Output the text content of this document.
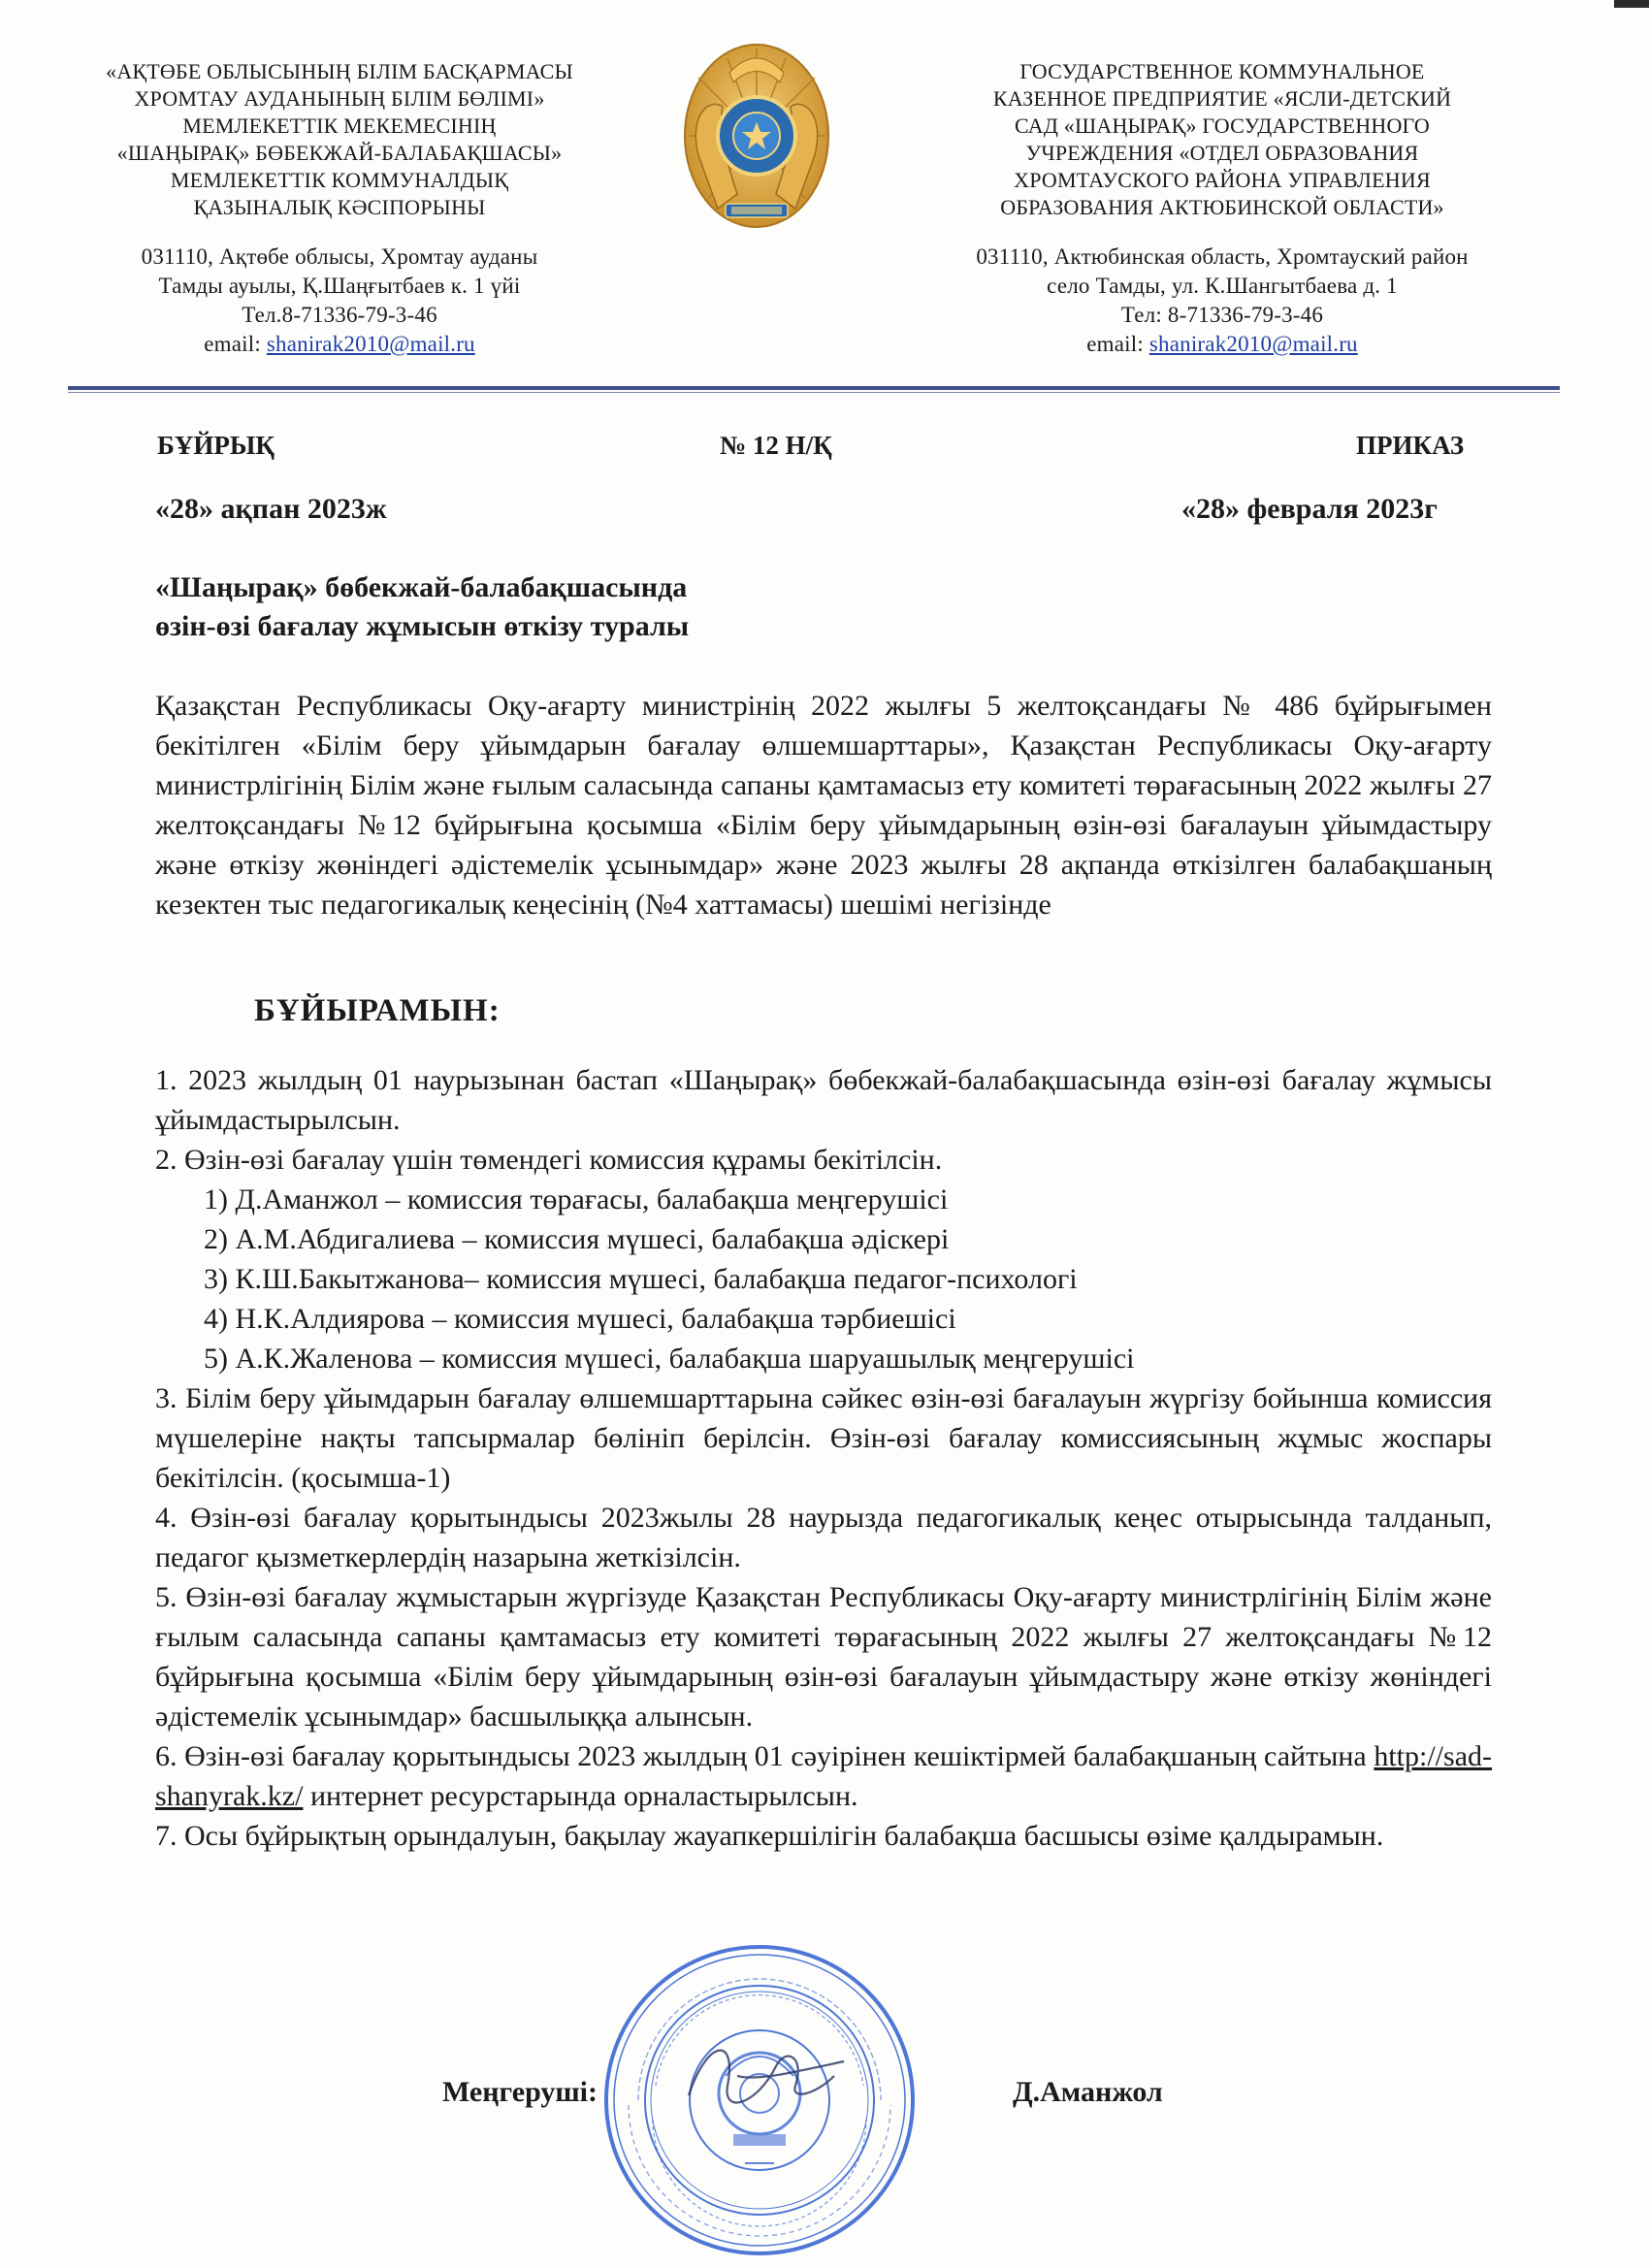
«АҚТӨБЕ ОБЛЫСЫНЫҢ БІЛІМ БАСҚАРМАСЫ
ХРОМТАУ АУДАНЫНЫҢ БІЛІМ БӨЛІМІ»
МЕМЛЕКЕТТІК МЕКЕМЕСІНІҢ
«ШАҢЫРАҚ» БӨБЕКЖАЙ-БАЛАБАҚШАСЫ»
МЕМЛЕКЕТТІК КОММУНАЛДЫҚ
ҚАЗЫНАЛЫҚ КӘСІПОРЫНЫ
031110, Ақтөбе облысы, Хромтау ауданы
Тамды ауылы, Қ.Шаңғытбаев к. 1 үйі
Тел.8-71336-79-3-46
email: shanirak2010@mail.ru
ГОСУДАРСТВЕННОЕ КОММУНАЛЬНОЕ
КАЗЕННОЕ ПРЕДПРИЯТИЕ «ЯСЛИ-ДЕТСКИЙ
САД «ШАҢЫРАҚ» ГОСУДАРСТВЕННОГО
УЧРЕЖДЕНИЯ «ОТДЕЛ ОБРАЗОВАНИЯ
ХРОМТАУСКОГО РАЙОНА УПРАВЛЕНИЯ
ОБРАЗОВАНИЯ АКТЮБИНСКОЙ ОБЛАСТИ»
031110, Актюбинская область, Хромтауский район
село Тамды, ул. К.Шангытбаева д. 1
Тел: 8-71336-79-3-46
email: shanirak2010@mail.ru
БҰЙРЫҚ	№ 12 Н/Қ	ПРИКАЗ
«28» ақпан 2023ж	«28» февраля 2023г
«Шаңырақ» бөбекжай-балабақшасында
өзін-өзі бағалау жұмысын өткізу туралы
Қазақстан Республикасы Оқу-ағарту министрінің 2022 жылғы 5 желтоқсандағы № 486 бұйрығымен бекітілген «Білім беру ұйымдарын бағалау өлшемшарттары», Қазақстан Республикасы Оқу-ағарту министрлігінің Білім және ғылым саласында сапаны қамтамасыз ету комитеті төрағасының 2022 жылғы 27 желтоқсандағы №12 бұйрығына қосымша «Білім беру ұйымдарының өзін-өзі бағалауын ұйымдастыру және өткізу жөніндегі әдістемелік ұсынымдар» және 2023 жылғы 28 ақпанда өткізілген балабақшаның кезектен тыс педагогикалық кеңесінің (№4 хаттамасы) шешімі негізінде
БҰЙЫРАМЫН:

1. 2023 жылдың 01 наурызынан бастап «Шаңырақ» бөбекжай-балабақшасында өзін-өзі бағалау жұмысы ұйымдастырылсын.

2. Өзін-өзі бағалау үшін төмендегі комиссия құрамы бекітілсін.

1) Д.Аманжол – комиссия төрағасы, балабақша меңгерушісі
2) А.М.Абдигалиева – комиссия мүшесі, балабақша әдіскері
3) К.Ш.Бакытжанова– комиссия мүшесі, балабақша педагог-психологі
4) Н.К.Алдиярова – комиссия мүшесі, балабақша тәрбиешісі
5) А.К.Жаленова – комиссия мүшесі, балабақша шаруашылық меңгерушісі

3. Білім беру ұйымдарын бағалау өлшемшарттарына сәйкес өзін-өзі бағалауын жүргізу бойынша комиссия мүшелеріне нақты тапсырмалар бөлініп берілсін. Өзін-өзі бағалау комиссиясының жұмыс жоспары бекітілсін. (қосымша-1)

4. Өзін-өзі бағалау қорытындысы 2023жылы 28 наурызда педагогикалық кеңес отырысында талданып, педагог қызметкерлердің назарына жеткізілсін.

5. Өзін-өзі бағалау жұмыстарын жүргізуде Қазақстан Республикасы Оқу-ағарту министрлігінің Білім және ғылым саласында сапаны қамтамасыз ету комитеті төрағасының 2022 жылғы 27 желтоқсандағы №12 бұйрығына қосымша «Білім беру ұйымдарының өзін-өзі бағалауын ұйымдастыру және өткізу жөніндегі әдістемелік ұсынымдар» басшылыққа алынсын.

6. Өзін-өзі бағалау қорытындысы 2023 жылдың 01 сәуірінен кешіктірмей балабақшаның сайтына http://sad-shanyrak.kz/ интернет ресурстарында орналастырылсын.

7. Осы бұйрықтың орындалуын, бақылау жауапкершілігін балабақша басшысы өзіме қалдырамын.

Меңгеруші:	Д.Аманжол
